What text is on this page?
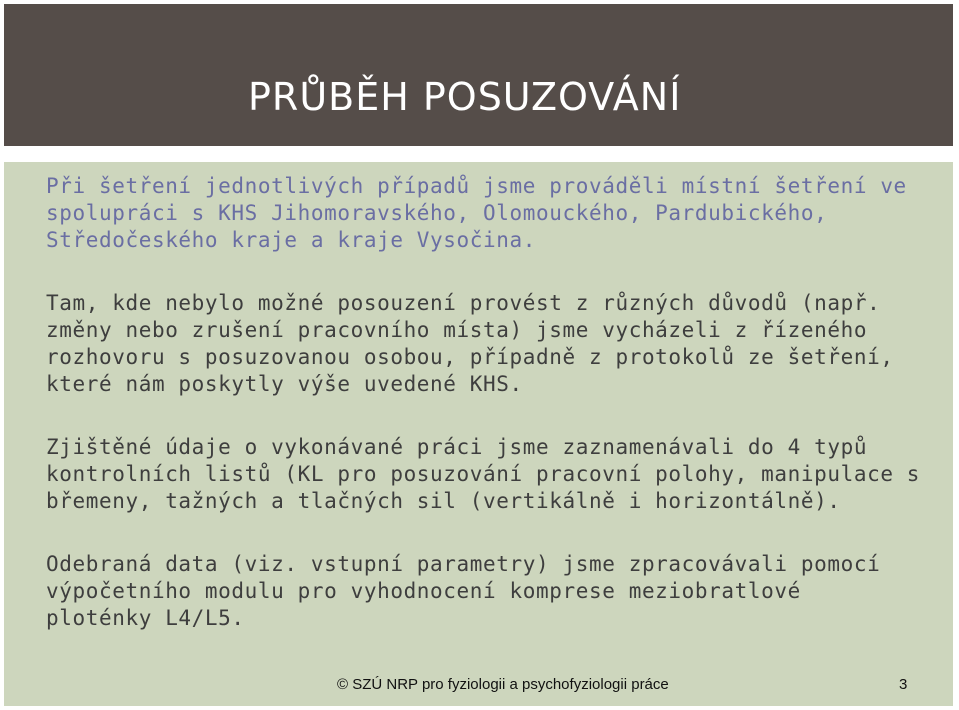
PRŮBĚH POSUZOVÁNÍ

Při šetření jednotlivých případů jsme prováděli místní šetření ve
spolupráci s KHS Jihomoravského, Olomouckého, Pardubického,
Středočeského kraje a kraje Vysočina.

Tam, kde nebylo možné posouzení provést z různých důvodů (např.
změny nebo zrušení pracovního místa) jsme vycházeli z řízeného
rozhovoru s posuzovanou osobou, případně z protokolů ze šetření,
které nám poskytly výše uvedené KHS.

Zjištěné údaje o vykonávané práci jsme zaznamenávali do 4 typů
kontrolních listů (KL pro posuzování pracovní polohy, manipulace s
břemeny, tažných a tlačných sil (vertikálně i horizontálně).

Odebraná data (viz. vstupní parametry) jsme zpracovávali pomocí
výpočetního modulu pro vyhodnocení komprese meziobratlové
ploténky L4/L5.

© SZÚ NRP pro fyziologii a psychofyziologii práce	3
